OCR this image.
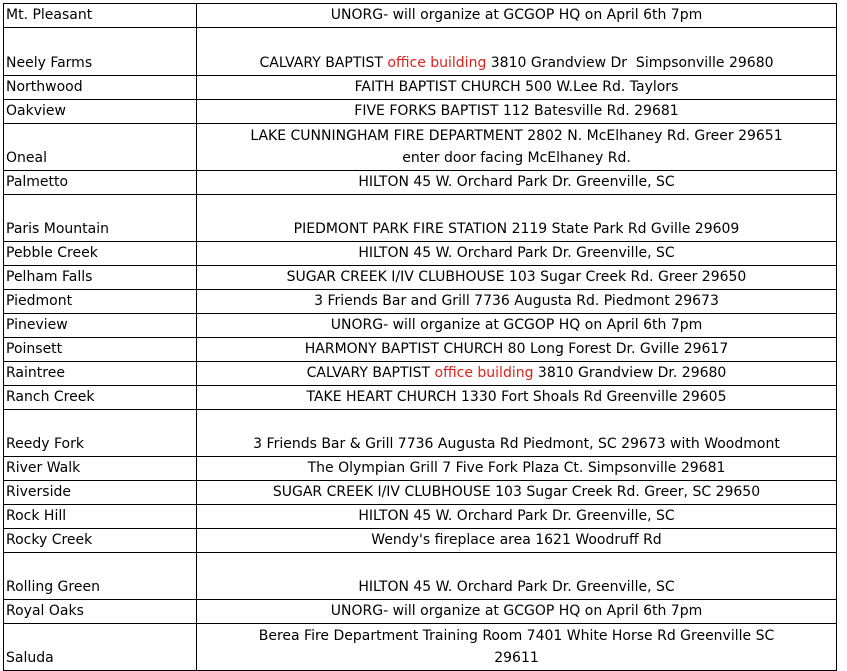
Mt. Pleasant	UNORG- will organize at GCGOP HQ on April 6th 7pm
Neely Farms	CALVARY BAPTIST office building 3810 Grandview Dr  Simpsonville 29680
Northwood	FAITH BAPTIST CHURCH 500 W.Lee Rd. Taylors
Oakview	FIVE FORKS BAPTIST 112 Batesville Rd. 29681
Oneal	LAKE CUNNINGHAM FIRE DEPARTMENT 2802 N. McElhaney Rd. Greer 29651
enter door facing McElhaney Rd.

Palmetto	HILTON 45 W. Orchard Park Dr. Greenville, SC
Paris Mountain	PIEDMONT PARK FIRE STATION 2119 State Park Rd Gville 29609
Pebble Creek	HILTON 45 W. Orchard Park Dr. Greenville, SC
Pelham Falls	SUGAR CREEK I/IV CLUBHOUSE 103 Sugar Creek Rd. Greer 29650
Piedmont	3 Friends Bar and Grill 7736 Augusta Rd. Piedmont 29673
Pineview	UNORG- will organize at GCGOP HQ on April 6th 7pm
Poinsett	HARMONY BAPTIST CHURCH 80 Long Forest Dr. Gville 29617
Raintree	CALVARY BAPTIST office building 3810 Grandview Dr. 29680
Ranch Creek	TAKE HEART CHURCH 1330 Fort Shoals Rd Greenville 29605
Reedy Fork	3 Friends Bar & Grill 7736 Augusta Rd Piedmont, SC 29673 with Woodmont
River Walk	The Olympian Grill 7 Five Fork Plaza Ct. Simpsonville 29681
Riverside	SUGAR CREEK I/IV CLUBHOUSE 103 Sugar Creek Rd. Greer, SC 29650
Rock Hill	HILTON 45 W. Orchard Park Dr. Greenville, SC
Rocky Creek	Wendy's fireplace area 1621 Woodruff Rd
Rolling Green	HILTON 45 W. Orchard Park Dr. Greenville, SC
Royal Oaks	UNORG- will organize at GCGOP HQ on April 6th 7pm
Saluda	Berea Fire Department Training Room 7401 White Horse Rd Greenville SC
29611
